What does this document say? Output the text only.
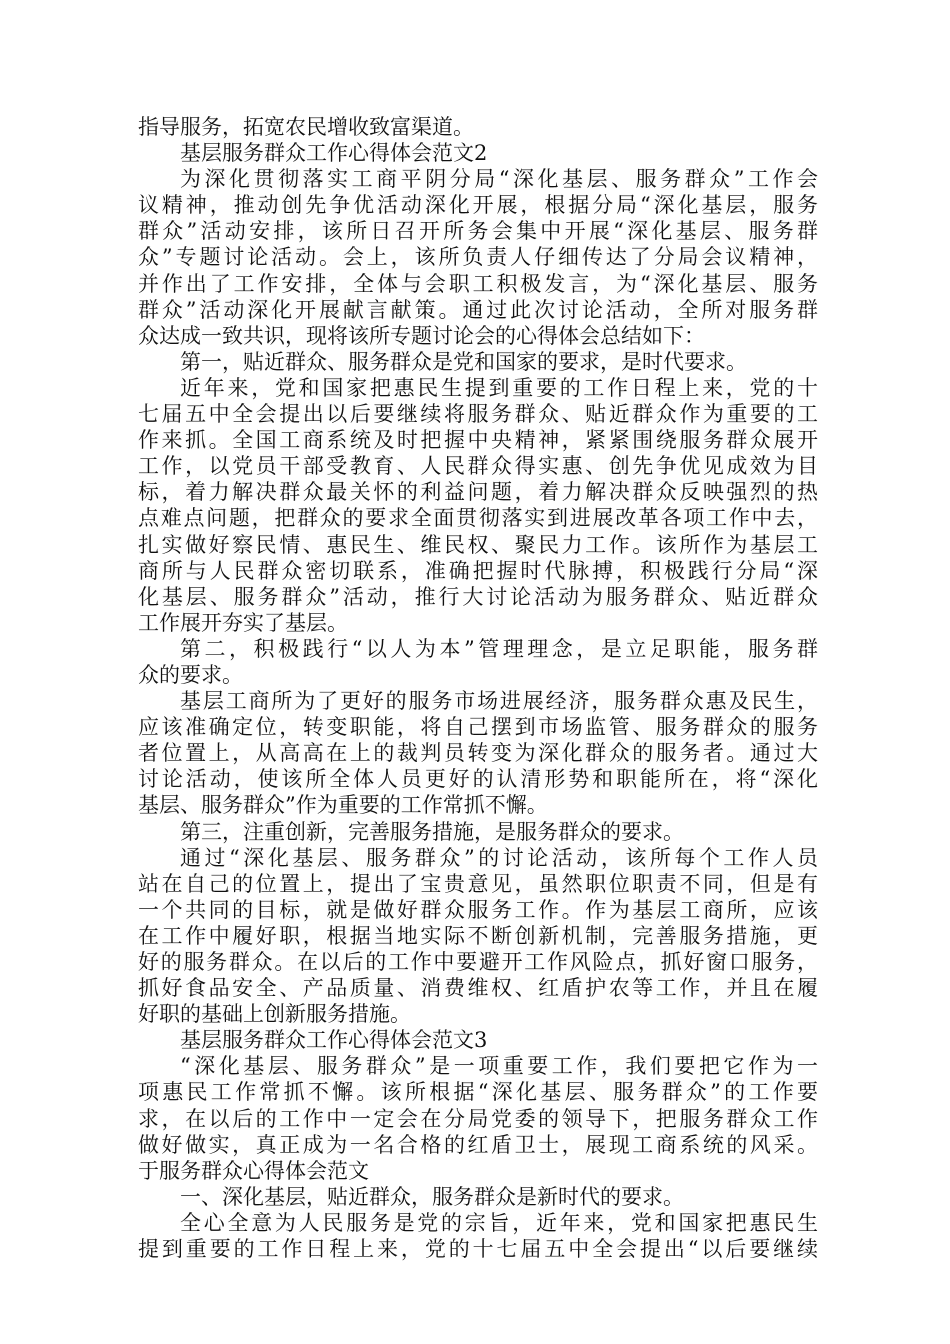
指导服务，拓宽农民增收致富渠道。
基层服务群众工作心得体会范文2
为深化贯彻落实工商平阴分局“深化基层、服务群众”工作会
议精神，推动创先争优活动深化开展，根据分局“深化基层，服务
群众”活动安排，该所日召开所务会集中开展“深化基层、服务群
众”专题讨论活动。会上，该所负责人仔细传达了分局会议精神，
并作出了工作安排，全体与会职工积极发言，为“深化基层、服务
群众”活动深化开展献言献策。通过此次讨论活动，全所对服务群
众达成一致共识，现将该所专题讨论会的心得体会总结如下：
第一，贴近群众、服务群众是党和国家的要求，是时代要求。
近年来，党和国家把惠民生提到重要的工作日程上来，党的十
七届五中全会提出以后要继续将服务群众、贴近群众作为重要的工
作来抓。全国工商系统及时把握中央精神，紧紧围绕服务群众展开
工作，以党员干部受教育、人民群众得实惠、创先争优见成效为目
标，着力解决群众最关怀的利益问题，着力解决群众反映强烈的热
点难点问题，把群众的要求全面贯彻落实到进展改革各项工作中去，
扎实做好察民情、惠民生、维民权、聚民力工作。该所作为基层工
商所与人民群众密切联系，准确把握时代脉搏，积极践行分局“深
化基层、服务群众”活动，推行大讨论活动为服务群众、贴近群众
工作展开夯实了基层。
第二，积极践行“以人为本”管理理念，是立足职能，服务群
众的要求。
基层工商所为了更好的服务市场进展经济，服务群众惠及民生，
应该准确定位，转变职能，将自己摆到市场监管、服务群众的服务
者位置上，从高高在上的裁判员转变为深化群众的服务者。通过大
讨论活动，使该所全体人员更好的认清形势和职能所在，将“深化
基层、服务群众”作为重要的工作常抓不懈。
第三，注重创新，完善服务措施，是服务群众的要求。
通过“深化基层、服务群众”的讨论活动，该所每个工作人员
站在自己的位置上，提出了宝贵意见，虽然职位职责不同，但是有
一个共同的目标，就是做好群众服务工作。作为基层工商所，应该
在工作中履好职，根据当地实际不断创新机制，完善服务措施，更
好的服务群众。在以后的工作中要避开工作风险点，抓好窗口服务，
抓好食品安全、产品质量、消费维权、红盾护农等工作，并且在履
好职的基础上创新服务措施。
基层服务群众工作心得体会范文3
“深化基层、服务群众”是一项重要工作，我们要把它作为一
项惠民工作常抓不懈。该所根据“深化基层、服务群众”的工作要
求，在以后的工作中一定会在分局党委的领导下，把服务群众工作
做好做实，真正成为一名合格的红盾卫士，展现工商系统的风采。
于服务群众心得体会范文
一、深化基层，贴近群众，服务群众是新时代的要求。
全心全意为人民服务是党的宗旨，近年来，党和国家把惠民生
提到重要的工作日程上来，党的十七届五中全会提出“以后要继续
